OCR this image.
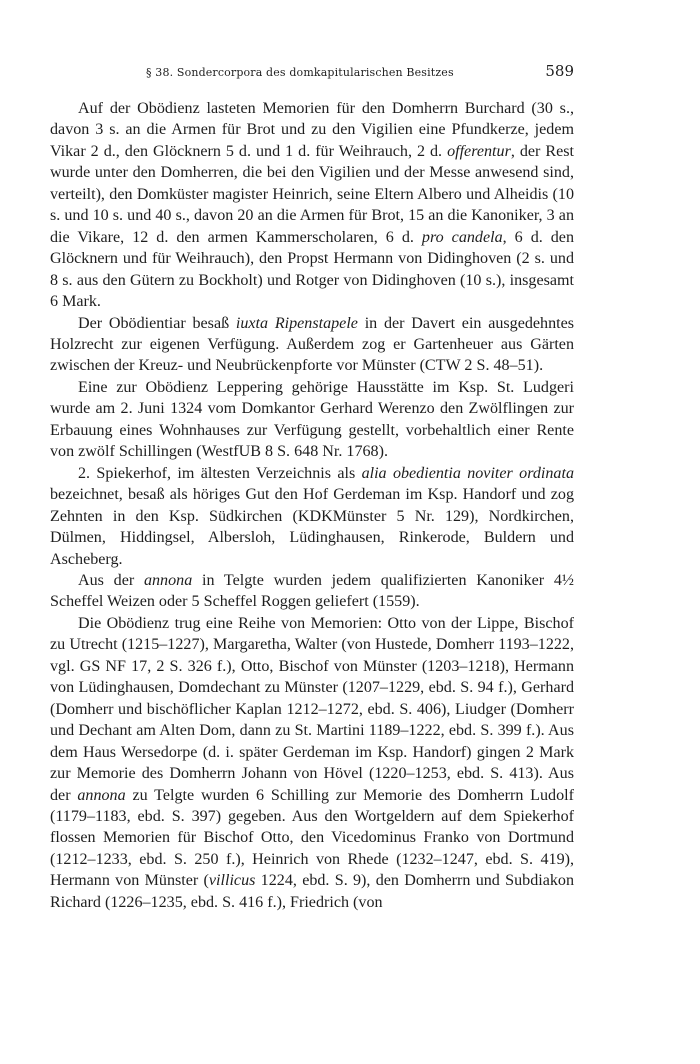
§ 38. Sondercorpora des domkapitularischen Besitzes	589

Auf der Obödienz lasteten Memorien für den Domherrn Burchard (30 s., davon 3 s. an die Armen für Brot und zu den Vigilien eine Pfundkerze, jedem Vikar 2 d., den Glöcknern 5 d. und 1 d. für Weihrauch, 2 d. offerentur, der Rest wurde unter den Domherren, die bei den Vigilien und der Messe anwesend sind, verteilt), den Domküster magister Heinrich, seine Eltern Albero und Alheidis (10 s. und 10 s. und 40 s., davon 20 an die Armen für Brot, 15 an die Kanoniker, 3 an die Vikare, 12 d. den armen Kammerscholaren, 6 d. pro candela, 6 d. den Glöcknern und für Weihrauch), den Propst Hermann von Didinghoven (2 s. und 8 s. aus den Gütern zu Bockholt) und Rotger von Didinghoven (10 s.), insgesamt 6 Mark.

Der Obödientiar besaß iuxta Ripenstapele in der Davert ein ausgedehntes Holzrecht zur eigenen Verfügung. Außerdem zog er Gartenheuer aus Gärten zwischen der Kreuz- und Neubrückenpforte vor Münster (CTW 2 S. 48–51).

Eine zur Obödienz Leppering gehörige Hausstätte im Ksp. St. Ludgeri wurde am 2. Juni 1324 vom Domkantor Gerhard Werenzo den Zwölflingen zur Erbauung eines Wohnhauses zur Verfügung gestellt, vorbehaltlich einer Rente von zwölf Schillingen (WestfUB 8 S. 648 Nr. 1768).

2. Spiekerhof, im ältesten Verzeichnis als alia obedientia noviter ordinata bezeichnet, besaß als höriges Gut den Hof Gerdeman im Ksp. Handorf und zog Zehnten in den Ksp. Südkirchen (KDKMünster 5 Nr. 129), Nordkirchen, Dülmen, Hiddingsel, Albersloh, Lüdinghausen, Rinkerode, Buldern und Ascheberg.

Aus der annona in Telgte wurden jedem qualifizierten Kanoniker 4½ Scheffel Weizen oder 5 Scheffel Roggen geliefert (1559).

Die Obödienz trug eine Reihe von Memorien: Otto von der Lippe, Bischof zu Utrecht (1215–1227), Margaretha, Walter (von Hustede, Domherr 1193–1222, vgl. GS NF 17, 2 S. 326 f.), Otto, Bischof von Münster (1203–1218), Hermann von Lüdinghausen, Domdechant zu Münster (1207–1229, ebd. S. 94 f.), Gerhard (Domherr und bischöflicher Kaplan 1212–1272, ebd. S. 406), Liudger (Domherr und Dechant am Alten Dom, dann zu St. Martini 1189–1222, ebd. S. 399 f.). Aus dem Haus Wersedorpe (d. i. später Gerdeman im Ksp. Handorf) gingen 2 Mark zur Memorie des Domherrn Johann von Hövel (1220–1253, ebd. S. 413). Aus der annona zu Telgte wurden 6 Schilling zur Memorie des Domherrn Ludolf (1179–1183, ebd. S. 397) gegeben. Aus den Wortgeldern auf dem Spiekerhof flossen Memorien für Bischof Otto, den Vicedominus Franko von Dortmund (1212–1233, ebd. S. 250 f.), Heinrich von Rhede (1232–1247, ebd. S. 419), Hermann von Münster (villicus 1224, ebd. S. 9), den Domherrn und Subdiakon Richard (1226–1235, ebd. S. 416 f.), Friedrich (von
